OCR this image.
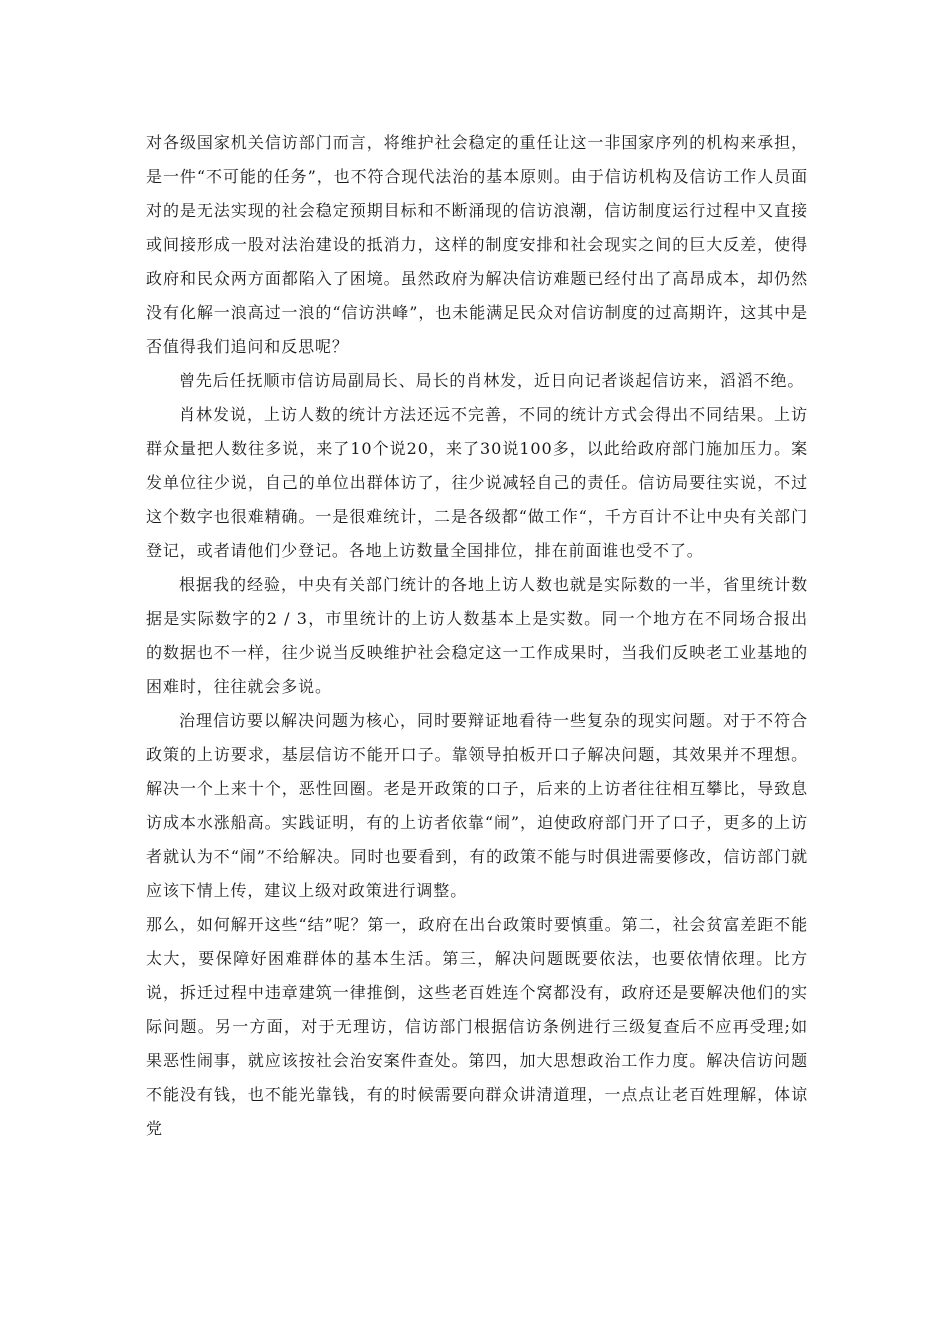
对各级国家机关信访部门而言，将维护社会稳定的重任让这一非国家序列的机构来承担，是一件“不可能的任务”，也不符合现代法治的基本原则。由于信访机构及信访工作人员面对的是无法实现的社会稳定预期目标和不断涌现的信访浪潮，信访制度运行过程中又直接或间接形成一股对法治建设的抵消力，这样的制度安排和社会现实之间的巨大反差，使得政府和民众两方面都陷入了困境。虽然政府为解决信访难题已经付出了高昂成本，却仍然没有化解一浪高过一浪的“信访洪峰”，也未能满足民众对信访制度的过高期许，这其中是否值得我们追问和反思呢？

曾先后任抚顺市信访局副局长、局长的肖林发，近日向记者谈起信访来，滔滔不绝。

肖林发说，上访人数的统计方法还远不完善，不同的统计方式会得出不同结果。上访群众量把人数往多说，来了10个说20，来了30说100多，以此给政府部门施加压力。案发单位往少说，自己的单位出群体访了，往少说减轻自己的责任。信访局要往实说，不过这个数字也很难精确。一是很难统计，二是各级都“做工作“，千方百计不让中央有关部门登记，或者请他们少登记。各地上访数量全国排位，排在前面谁也受不了。

根据我的经验，中央有关部门统计的各地上访人数也就是实际数的一半，省里统计数据是实际数字的2 / 3，市里统计的上访人数基本上是实数。同一个地方在不同场合报出的数据也不一样，往少说当反映维护社会稳定这一工作成果时，当我们反映老工业基地的困难时，往往就会多说。

治理信访要以解决问题为核心，同时要辩证地看待一些复杂的现实问题。对于不符合政策的上访要求，基层信访不能开口子。靠领导拍板开口子解决问题，其效果并不理想。解决一个上来十个，恶性回圈。老是开政策的口子，后来的上访者往往相互攀比，导致息访成本水涨船高。实践证明，有的上访者依靠“闹”，迫使政府部门开了口子，更多的上访者就认为不“闹”不给解决。同时也要看到，有的政策不能与时俱进需要修改，信访部门就应该下情上传，建议上级对政策进行调整。

那么，如何解开这些“结”呢？第一，政府在出台政策时要慎重。第二，社会贫富差距不能太大，要保障好困难群体的基本生活。第三，解决问题既要依法，也要依情依理。比方说，拆迁过程中违章建筑一律推倒，这些老百姓连个窝都没有，政府还是要解决他们的实际问题。另一方面，对于无理访，信访部门根据信访条例进行三级复查后不应再受理;如果恶性闹事，就应该按社会治安案件查处。第四，加大思想政治工作力度。解决信访问题不能没有钱，也不能光靠钱，有的时候需要向群众讲清道理，一点点让老百姓理解，体谅党
